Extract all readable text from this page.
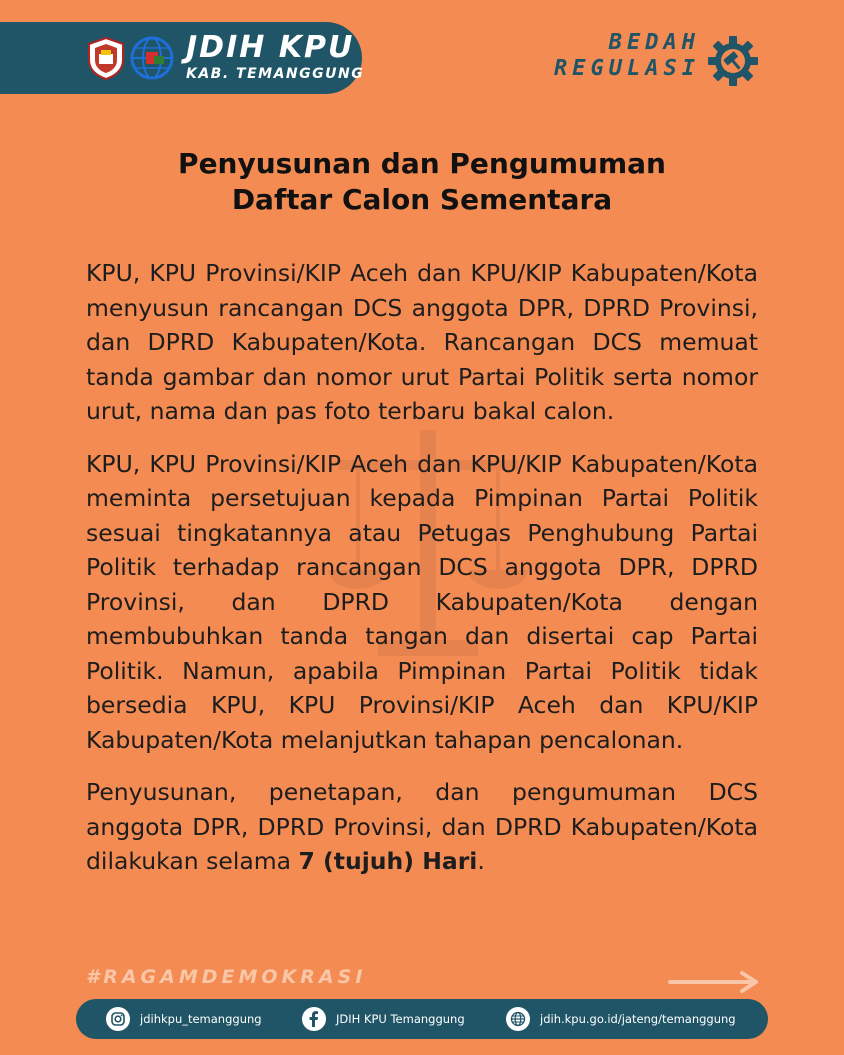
JDIH KPU
KAB. TEMANGGUNG
BEDAH
REGULASI
Penyusunan dan Pengumuman
Daftar Calon Sementara

KPU, KPU Provinsi/KIP Aceh dan KPU/KIP Kabupaten/Kota menyusun rancangan DCS anggota DPR, DPRD Provinsi, dan DPRD Kabupaten/Kota. Rancangan DCS memuat tanda gambar dan nomor urut Partai Politik serta nomor urut, nama dan pas foto terbaru bakal calon.

KPU, KPU Provinsi/KIP Aceh dan KPU/KIP Kabupaten/Kota meminta persetujuan kepada Pimpinan Partai Politik sesuai tingkatannya atau Petugas Penghubung Partai Politik terhadap rancangan DCS anggota DPR, DPRD Provinsi, dan DPRD Kabupaten/Kota dengan membubuhkan tanda tangan dan disertai cap Partai Politik. Namun, apabila Pimpinan Partai Politik tidak bersedia KPU, KPU Provinsi/KIP Aceh dan KPU/KIP Kabupaten/Kota melanjutkan tahapan pencalonan.

Penyusunan, penetapan, dan pengumuman DCS anggota DPR, DPRD Provinsi, dan DPRD Kabupaten/Kota dilakukan selama 7 (tujuh) Hari.

#RAGAMDEMOKRASI
jdihkpu_temanggung	JDIH KPU Temanggung	jdih.kpu.go.id/jateng/temanggung
